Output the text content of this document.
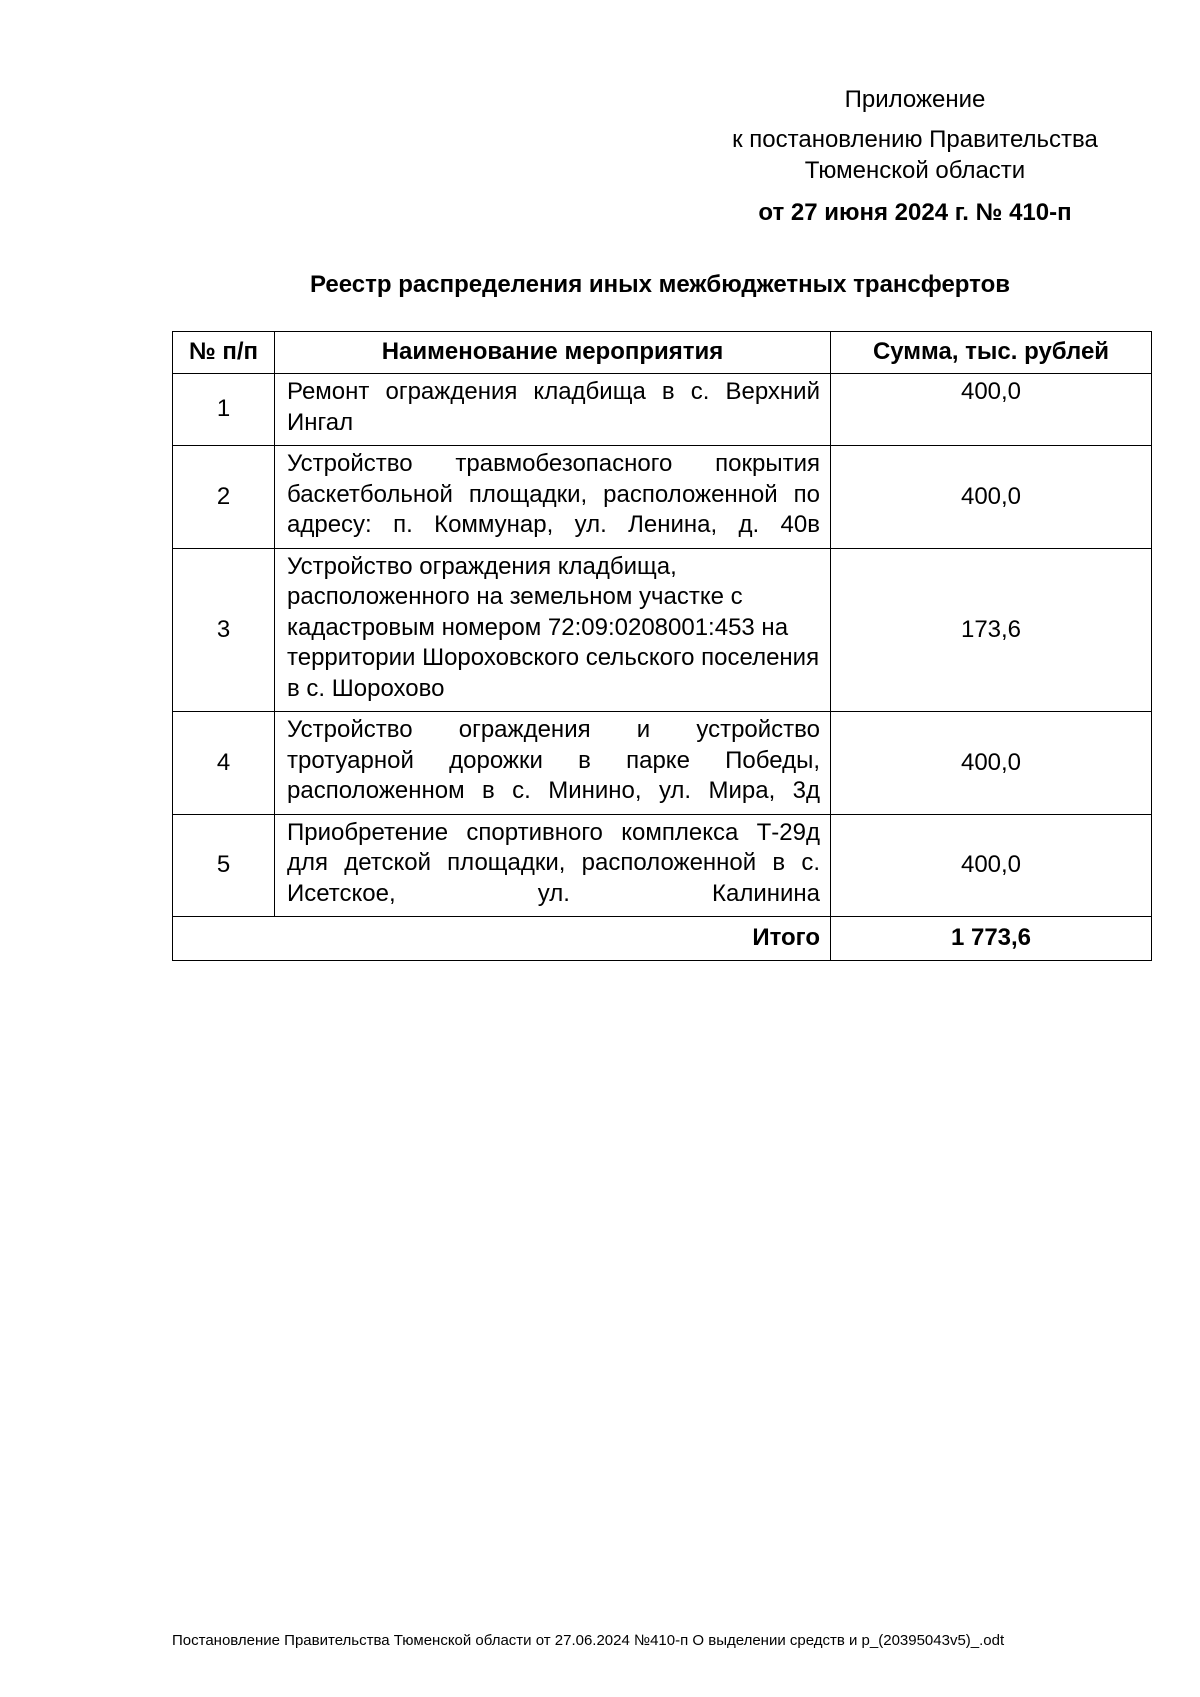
Приложение
к постановлению Правительства
Тюменской области
от 27 июня 2024 г. № 410-п
Реестр распределения иных межбюджетных трансфертов
№ п/п	Наименование мероприятия	Сумма, тыс. рублей
1	Ремонт ограждения кладбища в с. Верхний Ингал	400,0
2	Устройство травмобезопасного покрытия баскетбольной площадки, расположенной по адресу: п. Коммунар, ул. Ленина, д. 40в	400,0
3	Устройство ограждения кладбища, расположенного на земельном участке с кадастровым номером 72:09:0208001:453 на территории Шороховского сельского поселения в с. Шорохово	173,6
4	Устройство ограждения и устройство тротуарной дорожки в парке Победы, расположенном в с. Минино, ул. Мира, 3д	400,0
5	Приобретение спортивного комплекса Т-29д для детской площадки, расположенной в с. Исетское, ул. Калинина	400,0
Итого		1 773,6
Постановление Правительства Тюменской области от 27.06.2024 №410-п О выделении средств и р_(20395043v5)_.odt
